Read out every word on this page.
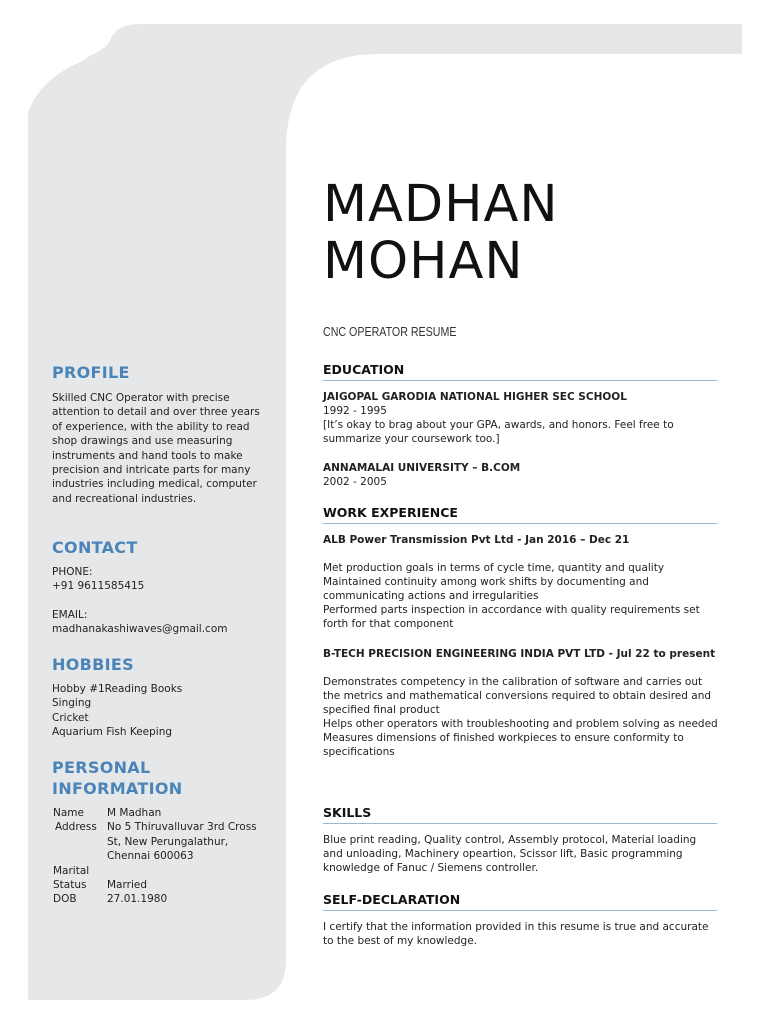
PROFILE

Skilled CNC Operator with precise attention to detail and over three years of experience, with the ability to read shop drawings and use measuring instruments and hand tools to make precision and intricate parts for many industries including medical, computer and recreational industries.

CONTACT

PHONE:

+91 9611585415

EMAIL:

madhanakashiwaves@gmail.com

HOBBIES

Hobby #1Reading Books

Singing

Cricket

Aquarium Fish Keeping

PERSONAL
INFORMATION
Name	M Madhan
Address No 5 Thiruvalluvar 3rd Cross St, New Perungalathur, Chennai 600063
Marital
Status	Married
DOB	27.01.1980
MADHAN
MOHAN
CNC OPERATOR RESUME
EDUCATION
JAIGOPAL GARODIA NATIONAL HIGHER SEC SCHOOL
1992 - 1995
[It’s okay to brag about your GPA, awards, and honors. Feel free to summarize your coursework too.]
ANNAMALAI UNIVERSITY – B.COM
2002 - 2005
WORK EXPERIENCE
ALB Power Transmission Pvt Ltd - Jan 2016 – Dec 21
Met production goals in terms of cycle time, quantity and quality
Maintained continuity among work shifts by documenting and communicating actions and irregularities
Performed parts inspection in accordance with quality requirements set forth for that component
B-TECH PRECISION ENGINEERING INDIA PVT LTD - Jul 22 to present
Demonstrates competency in the calibration of software and carries out the metrics and mathematical conversions required to obtain desired and specified final product
Helps other operators with troubleshooting and problem solving as needed
Measures dimensions of finished workpieces to ensure conformity to specifications
SKILLS

Blue print reading, Quality control, Assembly protocol, Material loading and unloading, Machinery opeartion, Scissor lift, Basic programming knowledge of Fanuc / Siemens controller.

SELF-DECLARATION

I certify that the information provided in this resume is true and accurate to the best of my knowledge.
